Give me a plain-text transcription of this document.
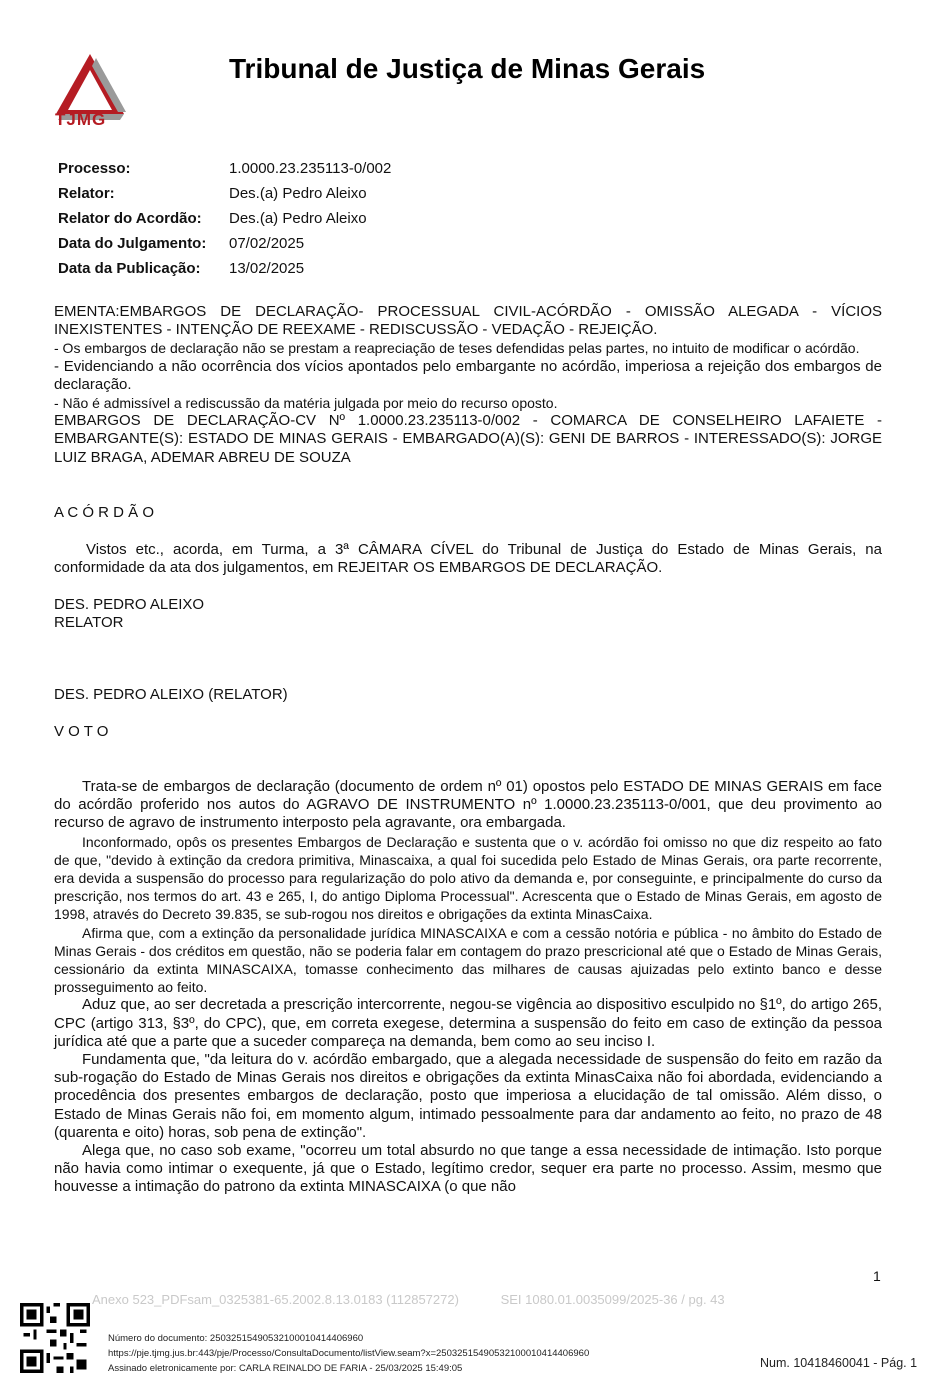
TJMG
Tribunal de Justiça de Minas Gerais
Processo:	1.0000.23.235113-0/002
Relator:	Des.(a) Pedro Aleixo
Relator do Acordão:	Des.(a) Pedro Aleixo
Data do Julgamento:	07/02/2025
Data da Publicação:	13/02/2025

EMENTA:EMBARGOS DE DECLARAÇÃO- PROCESSUAL CIVIL-ACÓRDÃO - OMISSÃO ALEGADA - VÍCIOS INEXISTENTES - INTENÇÃO DE REEXAME - REDISCUSSÃO - VEDAÇÃO - REJEIÇÃO.

- Os embargos de declaração não se prestam a reapreciação de teses defendidas pelas partes, no intuito de modificar o acórdão.

- Evidenciando a não ocorrência dos vícios apontados pelo embargante no acórdão, imperiosa a rejeição dos embargos de declaração.

- Não é admissível a rediscussão da matéria julgada por meio do recurso oposto.

EMBARGOS DE DECLARAÇÃO-CV Nº 1.0000.23.235113-0/002 - COMARCA DE CONSELHEIRO LAFAIETE - EMBARGANTE(S): ESTADO DE MINAS GERAIS - EMBARGADO(A)(S): GENI DE BARROS - INTERESSADO(S): JORGE LUIZ BRAGA, ADEMAR ABREU DE SOUZA

A C Ó R D Ã O

Vistos etc., acorda, em Turma, a 3ª CÂMARA CÍVEL do Tribunal de Justiça do Estado de Minas Gerais, na conformidade da ata dos julgamentos, em REJEITAR OS EMBARGOS DE DECLARAÇÃO.

DES. PEDRO ALEIXO

RELATOR

DES. PEDRO ALEIXO (RELATOR)
V O T O

Trata-se de embargos de declaração (documento de ordem nº 01) opostos pelo ESTADO DE MINAS GERAIS em face do acórdão proferido nos autos do AGRAVO DE INSTRUMENTO nº 1.0000.23.235113-0/001, que deu provimento ao recurso de agravo de instrumento interposto pela agravante, ora embargada.

Inconformado, opôs os presentes Embargos de Declaração e sustenta que o v. acórdão foi omisso no que diz respeito ao fato de que, "devido à extinção da credora primitiva, Minascaixa, a qual foi sucedida pelo Estado de Minas Gerais, ora parte recorrente, era devida a suspensão do processo para regularização do polo ativo da demanda e, por conseguinte, e principalmente do curso da prescrição, nos termos do art. 43 e 265, I, do antigo Diploma Processual". Acrescenta que o Estado de Minas Gerais, em agosto de 1998, através do Decreto 39.835, se sub-rogou nos direitos e obrigações da extinta MinasCaixa.

Afirma que, com a extinção da personalidade jurídica MINASCAIXA e com a cessão notória e pública - no âmbito do Estado de Minas Gerais - dos créditos em questão, não se poderia falar em contagem do prazo prescricional até que o Estado de Minas Gerais, cessionário da extinta MINASCAIXA, tomasse conhecimento das milhares de causas ajuizadas pelo extinto banco e desse prosseguimento ao feito.

Aduz que, ao ser decretada a prescrição intercorrente, negou-se vigência ao dispositivo esculpido no §1º, do artigo 265, CPC (artigo 313, §3º, do CPC), que, em correta exegese, determina a suspensão do feito em caso de extinção da pessoa jurídica até que a parte que a suceder compareça na demanda, bem como ao seu inciso I.

Fundamenta que, "da leitura do v. acórdão embargado, que a alegada necessidade de suspensão do feito em razão da sub-rogação do Estado de Minas Gerais nos direitos e obrigações da extinta MinasCaixa não foi abordada, evidenciando a procedência dos presentes embargos de declaração, posto que imperiosa a elucidação de tal omissão. Além disso, o Estado de Minas Gerais não foi, em momento algum, intimado pessoalmente para dar andamento ao feito, no prazo de 48 (quarenta e oito) horas, sob pena de extinção".

Alega que, no caso sob exame, "ocorreu um total absurdo no que tange a essa necessidade de intimação. Isto porque não havia como intimar o exequente, já que o Estado, legítimo credor, sequer era parte no processo. Assim, mesmo que houvesse a intimação do patrono da extinta MINASCAIXA (o que não

1
Anexo 523_PDFsam_0325381-65.2002.8.13.0183 (112857272)	SEI 1080.01.0035099/2025-36 / pg. 43
Número do documento: 25032515490532100010414406960
https://pje.tjmg.jus.br:443/pje/Processo/ConsultaDocumento/listView.seam?x=25032515490532100010414406960
Assinado eletronicamente por: CARLA REINALDO DE FARIA - 25/03/2025 15:49:05	Num. 10418460041 - Pág. 1
